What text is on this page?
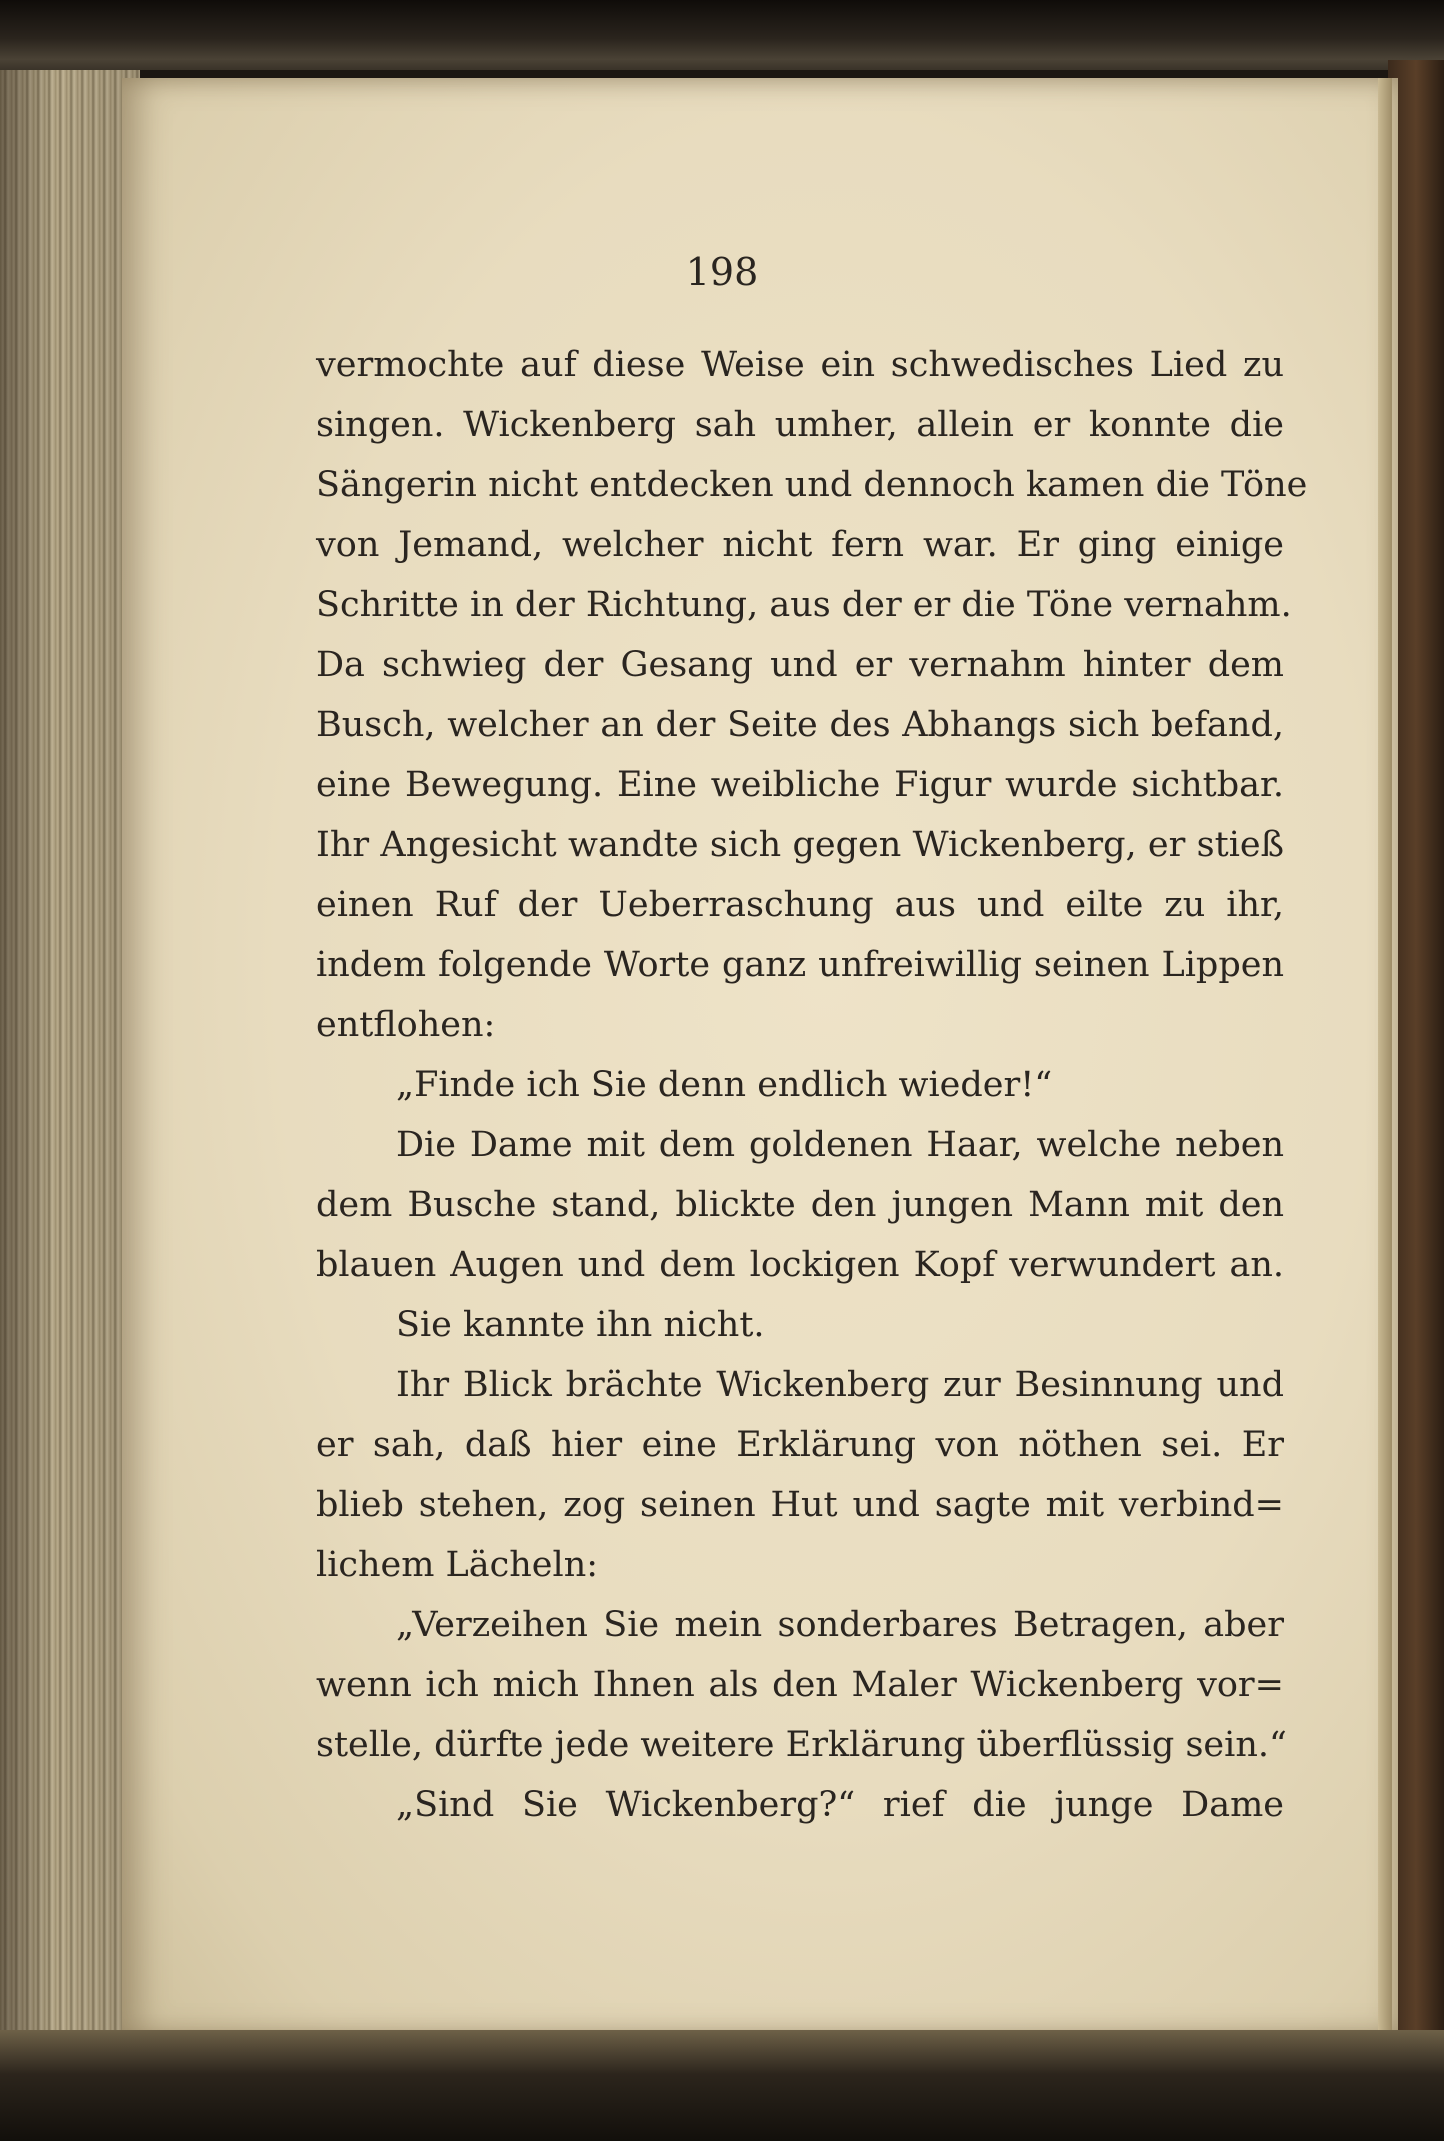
198
vermochte auf diese Weise ein schwedisches Lied zu
singen. Wickenberg sah umher, allein er konnte die
Sängerin nicht entdecken und dennoch kamen die Töne
von Jemand, welcher nicht fern war. Er ging einige
Schritte in der Richtung, aus der er die Töne vernahm.
Da schwieg der Gesang und er vernahm hinter dem
Busch, welcher an der Seite des Abhangs sich befand,
eine Bewegung. Eine weibliche Figur wurde sichtbar.
Ihr Angesicht wandte sich gegen Wickenberg, er stieß
einen Ruf der Ueberraschung aus und eilte zu ihr,
indem folgende Worte ganz unfreiwillig seinen Lippen
entflohen:
„Finde ich Sie denn endlich wieder!“
Die Dame mit dem goldenen Haar, welche neben
dem Busche stand, blickte den jungen Mann mit den
blauen Augen und dem lockigen Kopf verwundert an.
Sie kannte ihn nicht.
Ihr Blick brächte Wickenberg zur Besinnung und
er sah, daß hier eine Erklärung von nöthen sei. Er
blieb stehen, zog seinen Hut und sagte mit verbind=
lichem Lächeln:
„Verzeihen Sie mein sonderbares Betragen, aber
wenn ich mich Ihnen als den Maler Wickenberg vor=
stelle, dürfte jede weitere Erklärung überflüssig sein.“
„Sind Sie Wickenberg?“ rief die junge Dame
